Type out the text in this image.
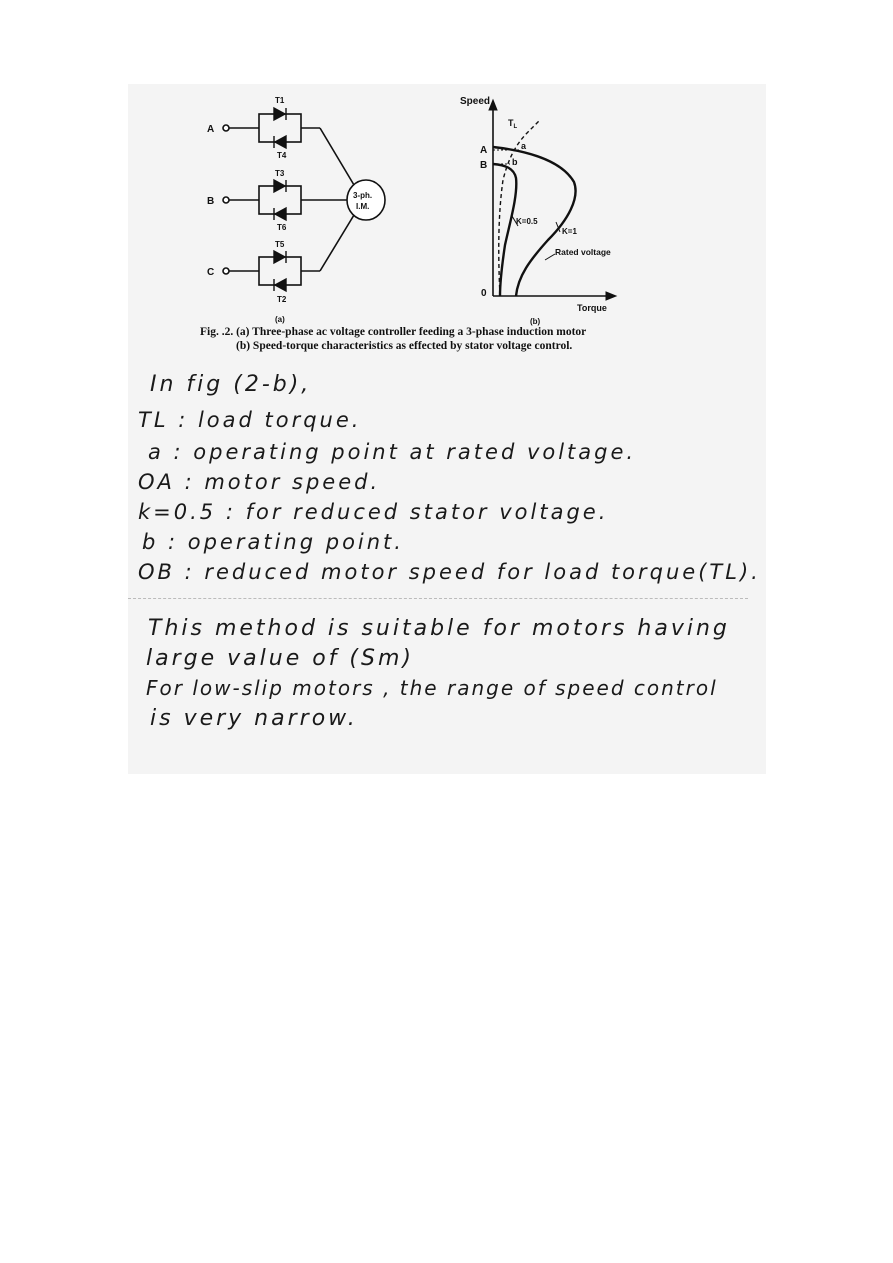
A
B
C
T1
T4
T3
T6
T5
T2
3-ph.
I.M.
(a)
Speed
Torque
0
A
B
a
b
$T_L$
K=0.5
K=1
Rated voltage
(b)
Fig. .2. (a) Three-phase ac voltage controller feeding a 3-phase induction motor
(b) Speed-torque characteristics as effected by stator voltage control.
In fig (2-b),
TL : load torque.
a : operating point at rated voltage.
OA : motor speed.
k=0.5 : for reduced stator voltage.
b : operating point.
OB : reduced motor speed for load torque(TL).
This method is suitable for motors having
large value of (Sm)
For low-slip motors , the range of speed control
is very narrow.
